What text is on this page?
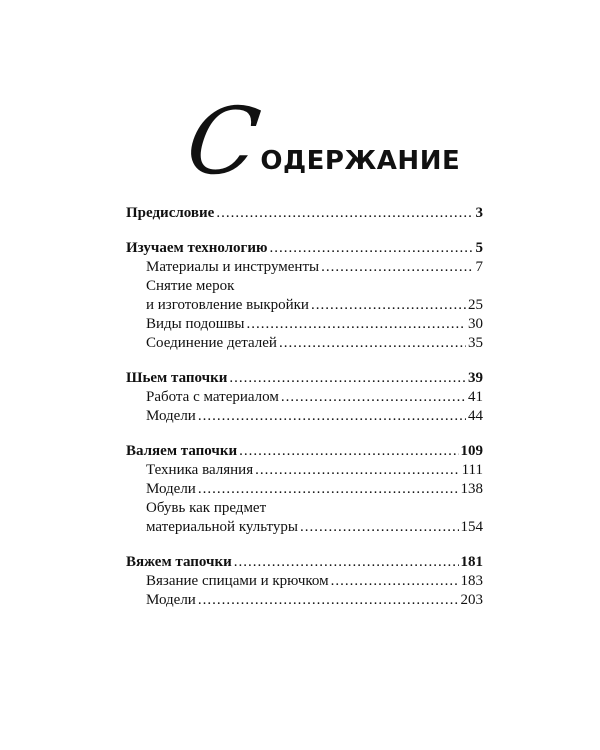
С
ОДЕРЖАНИЕ
Предисловие .....	3
Изучаем технологию .....	5
Материалы и инструменты .....	7
Снятие мерок
и изготовление выкройки .....	25
Виды подошвы .....	30
Соединение деталей .....	35
Шьем тапочки .....	39
Работа с материалом .....	41
Модели .....	44
Валяем тапочки .....	109
Техника валяния .....	111
Модели .....	138
Обувь как предмет
материальной культуры .....	154
Вяжем тапочки .....	181
Вязание спицами и крючком .....	183
Модели .....	203
